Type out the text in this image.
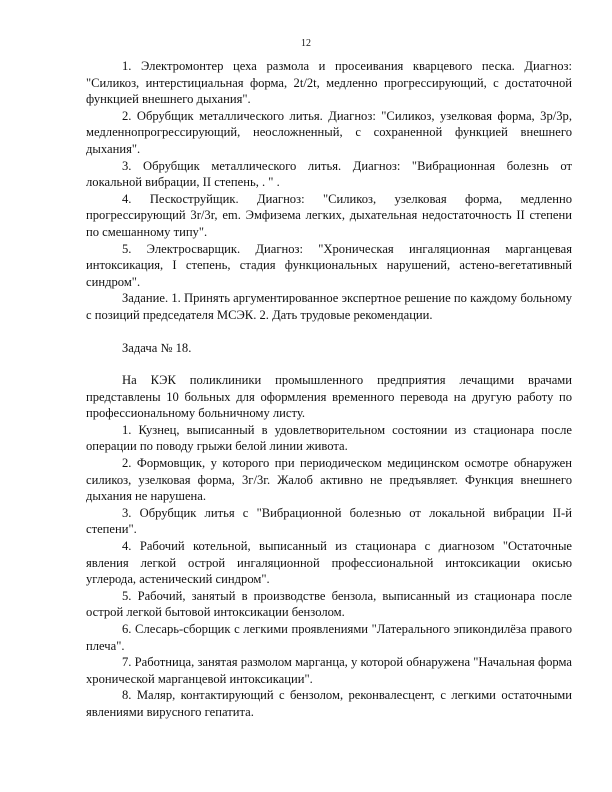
12

1. Электромонтер цеха размола и просеивания кварцевого песка. Диагноз: "Силикоз, интерстициальная форма, 2t/2t, медленно прогрессирующий, с достаточной функцией внешнего дыхания".

2. Обрубщик металлического литья. Диагноз: "Силикоз, узелковая форма, 3р/3р, медленнопрогрессирующий, неосложненный, с сохраненной функцией внешнего дыхания".

3. Обрубщик металлического литья. Диагноз: "Вибрационная болезнь от локальной вибрации, II степень, . " .

4. Пескоструйщик. Диагноз: "Силикоз, узелковая форма, медленно прогрессирующий 3r/3r, em. Эмфизема легких, дыхательная недостаточность II степени по смешанному типу".

5. Электросварщик. Диагноз: "Хроническая ингаляционная марганцевая интоксикация, I степень, стадия функциональных нарушений, астено-вегетативный синдром".

Задание. 1. Принять аргументированное экспертное решение по каждому больному с позиций председателя МСЭК. 2. Дать трудовые рекомендации.

Задача № 18.

На КЭК поликлиники промышленного предприятия лечащими врачами представлены 10 больных для оформления временного перевода на другую работу по профессиональному больничному листу.

1. Кузнец, выписанный в удовлетворительном состоянии из стационара после операции по поводу грыжи белой линии живота.

2. Формовщик, у которого при периодическом медицинском осмотре обнаружен силикоз, узелковая форма, 3г/3г. Жалоб активно не предъявляет. Функция внешнего дыхания не нарушена.

3. Обрубщик литья с "Вибрационной болезнью от локальной вибрации II-й степени".

4. Рабочий котельной, выписанный из стационара с диагнозом "Остаточные явления легкой острой ингаляционной профессиональной интоксикации окисью углерода, астенический синдром".

5. Рабочий, занятый в производстве бензола, выписанный из стационара после острой легкой бытовой интоксикации бензолом.

6. Слесарь-сборщик с легкими проявлениями "Латерального эпикондилёза правого плеча".

7. Работница, занятая размолом марганца, у которой обнаружена "Начальная форма хронической марганцевой интоксикации".

8. Маляр, контактирующий с бензолом, реконвалесцент, с легкими остаточными явлениями вирусного гепатита.
